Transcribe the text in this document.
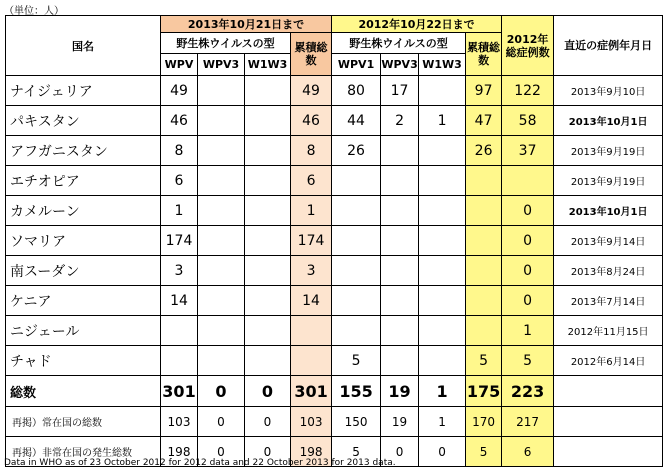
（単位：人）
国名	2013年10月21日まで				2012年10月22日まで				2012年総症例数	直近の症例年月日
	野生株ウイルスの型			累積総数	野生株ウイルスの型			累積総数		
	WPV	WPV3	W1W3		WPV1	WPV3	W1W3			
ナイジェリア	49			49	80	17		97	122	2013年9月10日
パキスタン	46			46	44	2	1	47	58	2013年10月1日
アフガニスタン	8			8	26			26	37	2013年9月19日
エチオピア	6			6						2013年9月19日
カメルーン	1			1					0	2013年10月1日
ソマリア	174			174					0	2013年9月14日
南スーダン	3			3					0	2013年8月24日
ケニア	14			14					0	2013年7月14日
ニジェール									1	2012年11月15日
チャド					5			5	5	2012年6月14日
総数	301	0	0	301	155	19	1	175	223	
再掲）常在国の総数	103	0	0	103	150	19	1	170	217	
再掲）非常在国の発生総数	198	0	0	198	5	0	0	5	6	
Data in WHO as of 23 October 2012 for 2012 data and 22 October 2013 for 2013 data.
